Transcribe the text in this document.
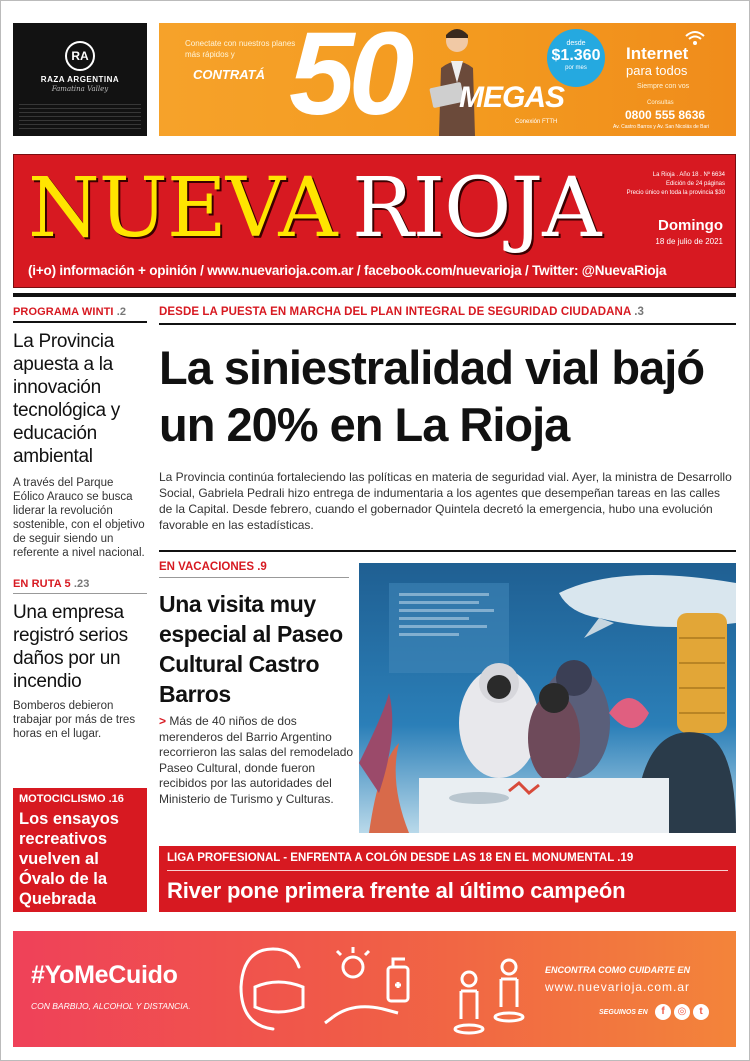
RA
RAZA ARGENTINA
Famatina Valley
Conectate con nuestros planes más rápidos y
CONTRATÁ 50 MEGAS
Conexión FTTH
desde
$1.360
por mes
Internet
para todos
Siempre con vos
Consultas
0800 555 8636
Av. Castro Barros y Av. San Nicolás de Bari
NUEVA RIOJA	La Rioja . Año 18 . Nº 6634
Edición de 24 páginas
Precio único en toda la provincia $30
Domingo
18 de julio de 2021
(i+o) información + opinión / www.nuevarioja.com.ar / facebook.com/nuevarioja / Twitter: @NuevaRioja
PROGRAMA WINTI .2
La Provincia apuesta a la innovación tecnológica y educación ambiental
A través del Parque Eólico Arauco se busca liderar la revolución sostenible, con el objetivo de seguir siendo un referente a nivel nacional.
EN RUTA 5 .23
Una empresa registró serios daños por un incendio
Bomberos debieron trabajar por más de tres horas en el lugar.
MOTOCICLISMO .16
Los ensayos recreativos vuelven al Óvalo de la Quebrada
DESDE LA PUESTA EN MARCHA DEL PLAN INTEGRAL DE SEGURIDAD CIUDADANA .3
La siniestralidad vial bajó un 20% en La Rioja
La Provincia continúa fortaleciendo las políticas en materia de seguridad vial. Ayer, la ministra de Desarrollo Social, Gabriela Pedrali hizo entrega de indumentaria a los agentes que desempeñan tareas en las calles de la Capital. Desde febrero, cuando el gobernador Quintela decretó la emergencia, hubo una evolución favorable en las estadísticas.
EN VACACIONES .9
Una visita muy especial al Paseo Cultural Castro Barros
> Más de 40 niños de dos merenderos del Barrio Argentino recorrieron las salas del remodelado Paseo Cultural, donde fueron recibidos por las autoridades del Ministerio de Turismo y Culturas.
LIGA PROFESIONAL - ENFRENTA A COLÓN DESDE LAS 18 EN EL MONUMENTAL .19
River pone primera frente al último campeón
#YoMeCuido
CON BARBIJO, ALCOHOL Y DISTANCIA.
ENCONTRA COMO CUIDARTE EN
www.nuevarioja.com.ar
SEGUINOS EN	f	◎	t
